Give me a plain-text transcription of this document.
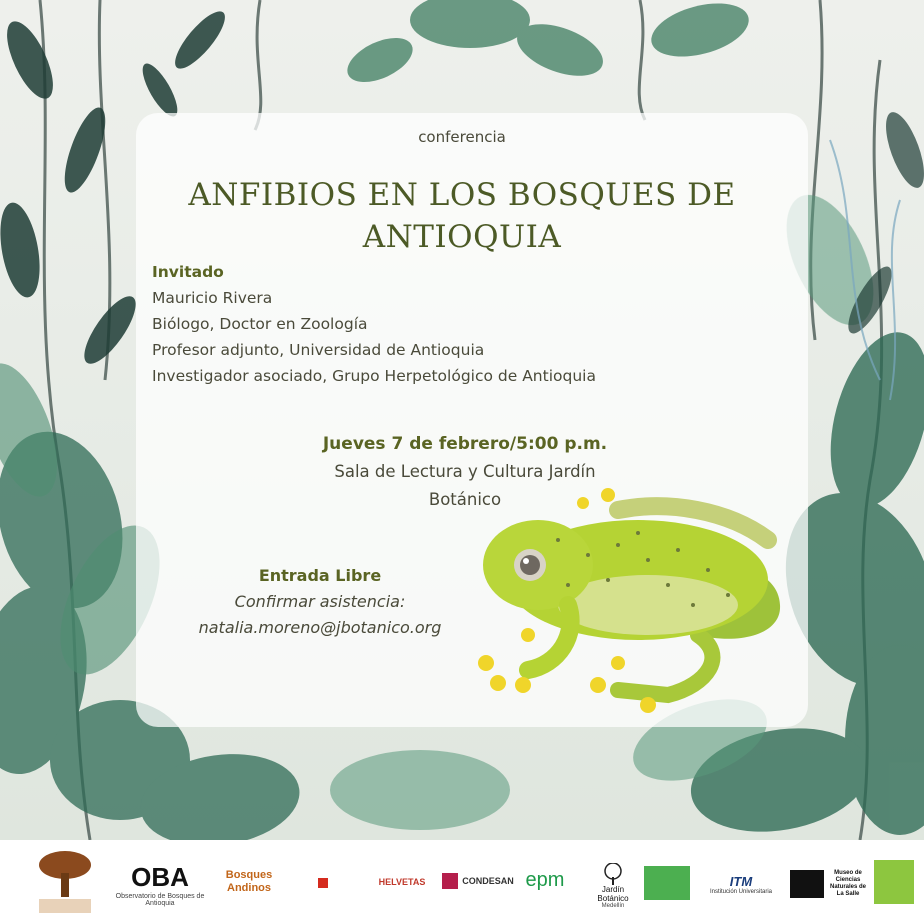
conferencia
ANFIBIOS EN LOS BOSQUES DE
ANTIOQUIA
Invitado
Mauricio Rivera
Biólogo, Doctor en Zoología
Profesor adjunto, Universidad de Antioquia
Investigador asociado, Grupo Herpetológico de Antioquia
Jueves 7 de febrero/5:00 p.m.
Sala de Lectura y Cultura Jardín
Botánico
Entrada Libre
Confirmar asistencia:
natalia.moreno@jbotanico.org
OBA
Observatorio de Bosques de Antioquia
Bosques Andinos	HELVETAS	CONDESAN epm	Jardín Botánico
Medellín
ITM
Institución Universitaria
Museo de Ciencias Naturales de La Salle
